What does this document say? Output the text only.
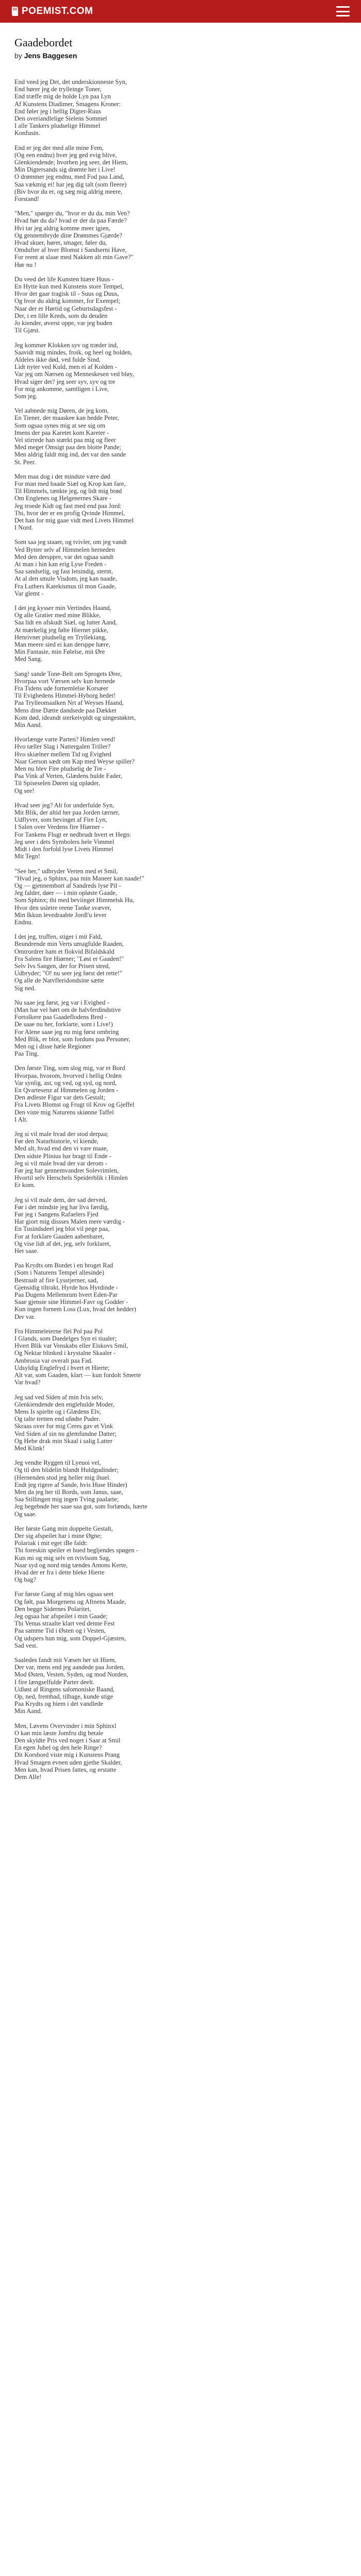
POEMIST.COM
Gaadebordet
by Jens Baggesen
End veed jeg Det, det underskionneste Syn,
End hører jeg de trylleinge Toner,
End træffe mig de holde Lyn paa Lyn
Af Kunstens Diadimer, Smagens Kroner:
End føler jeg i hellig Digter-Ruus
Den overiandlelige Sielens Sommel
I alle Tankers pludselige Himmel
Konfusin.
End er jeg der med alle mine Fem,
(Og een endnu) hver jeg ged evig blive,
Glenkiendende; hvorhen jeg seer, det Hiem,
Min Digtersands sig drømte her i Live!
O drømmer jeg endnu, med Fod paa Land,
Saa vækmig ei! har jeg dig talt (som fleere)
(Biv hvor du er, og sæg mig aldrig meere,
Forstand!
"Men," spørger du, "hvor er du da, min Ven?
Hvad hør du da? hvad er der da paa Færde?
Hvi tar jeg aldrig komme meer igien,
Og gennembryde dine Drømmes Gjærde?
Hvad skuer, hører, smager, føler du,
Omdufter af hver Blomst i Sandserni Have,
For reent at slaae med Nakken alt min Gave?"
Hør nu !
Du veed det life Kunsten hiære Huus -
En Hytte kun med Kunstens store Tempel,
Hvor det gaar tragisk til - Suus og Duus,
Og hvor du aldrig kommer, for Exempel;
Naar der er Hørtid og Geburtsdagsfest -
Der, i en lille Kreds, som du deuden
Jo kiender, øverst oppe, var jeg buden
Til Gjæst.
Jeg kommer Klokken syv og træder ind,
Saavidt mig mindes, froik, og heel og holden,
Aldeles ikke død, ved fulde Sind,
Lidt nyter ved Kuld, men ei af Kolden -
Var jeg om Nærsen og Menneskesen ved bløy,
Hvad siger det? jeg seer syv, syv og tre
For mig ankomme, samtligen i Live,
Som jeg.
Vel aabnede mig Døren, de jeg kom,
En Tiener, der maaskee kan hedde Peter,
Som ogsaa synes mig at see sig om
Imens der paa Karetet kom Kareter -
Vel stirrede han stærkt paa mig og fleer
Med meget Omsigt paa den blotte Pande;
Men aldrig faldt mig ind, det var den sande
St. Peer.
Men maa dog i det mindste være død
For man med baade Siæl og Krop kan fare,
Til Himmels, tænkte jeg, og lidt mig brød
Om Englenes og Helgenernes Skare -
Jeg troede Kidt og fast med end paa Jord:
Thi, hvor der er en profig Qvinde Himmel,
Det han for mig gaae vidt med Livets Himmel
I Nord.
Som saa jeg staaer, og tvivler, om jeg vandt
Ved Bytter selv af Himmelen herneden
Med den dersppre, var det ogsaa sandt
At man i hin kan erig Lyse Freden -
Saa sandselig, og fast letsindig, sternt,
At al den smule Visdom, jeg kan naade,
Fra Luthers Katekismus til mon Gaade,
Var glemt -
I det jeg kysser min Vertindes Haand,
Og alle Gratier med mine Blikke,
Saa lidt en afskudt Siæl, og lutter Aand,
At mærkelig jeg følte Hiernet pikke,
Henrivner pludselig en Tryllekiang,
Man meere sied ei kan dersppe hære,
Min Fantasie, min Følelse, mit Øre
Med Sang.
Sang! sande Tone-Belt om Sprogets Ører,
Hvorpaa vort Værsen selv kun hernede
Fra Tidens ude fornemlelse Korsæer
Til Evighedens Himmel-Hyborg hedet!
Paa Trylleomaalken Nrt af Weyses Haand,
Mens dine Dætte dandsede paa Dækket
Kom død, ideandt sterkeivpldt og uingestøktet,
Min Aand.
Hvorlænge varte Parten? Himlen veed!
Hvo tæller Slag i Nattergalen Triller?
Hvo skiælner mellem Tid og Evighed
Naar Gerson sædt om Kap med Weyse spiller?
Men nu blev Fire pludselig de Tre -
Paa Vink af Verten, Glædens hulde Fader,
Til Spiseselen Døren sig opløder,
Og see!
Hvad seer jeg? Alt for underfulde Syn,
Mit Blik, der altid her paa Jorden tærner,
Udflyver, som bevinget af Fire Lyn,
I Salen over Verdens fire Hiørner -
For Tankens Flugt er nedbrudt hvert et Hegn:
Jeg seer i dets Symbolers hele Vimmel
Midt i den forfold lyse Livets Himmel
Mit Tegn!
"See her," udbryder Verten med et Smil,
"Hvad jeg, o Sphinx, paa min Maneer kan naade!"
Og — gjennembort af Sandreds lyse Pil -
Jeg falder, døer — i min opløste Gaade,
Som Sphinx; thi med beviinget Himmelsk Hu,
Hvor den usletre reene Tanke svæver,
Min Ikkun levedraabte Jordl'u lever
Endnu.
I det jeg, truffen, stiger i mit Fald,
Beundrende min Verts umagfulde Raaden,
Omtrordrer ham et flokvid Bifaldskald
Fra Salens fire Hiørner; "Løst er Gaaden!"
Selv Ivs Sangen, der for Prisen stred,
Udbryder; "O! nu seer jeg først det rette!"
Og alle de Natvfleridondsine sætte
Sig ned.
Nu saae jeg først, jeg var i Evighed -
(Man har vel hørt om de halvferdindstive
Fortolkere paa Gaadeflodens Bred -
De saae nu her, forklarte, som i Live!)
For Alene saae jeg nu mig først ombring
Med Blik, er blot, som forduns paa Personer,
Men og i disse hæle Regioner
Paa Ting.
Den første Ting, som slog mig, var et Bord
Hvorpaa, hvorom, hvorved i hellig Orden
Var synlig, ast, og ved, og syd, og nord,
En Qvartesenz af Himmelen og Jorden -
Den ædleste Figur var dets Gestalt;
Fra Livets Blomst og Frugt til Krov og Gjeffel
Den viste mig Naturens skiønne Taffel
I Alt.
Jeg si vil male hvad der stod derpaa;
Før den Naturhistorie, vi kiende,
Med alt, hvad end den vi vare maae,
Den sidste Plinius har bragt til Ende -
Jeg si vil male hvad der var derom -
Før jeg har gennemvandret Solevrimlen,
Hvortil selv Herschels Speiderblik i Himlen
Er kom.
Jeg si vil male dem, der sad derved,
Før i det mindste jeg har liva færdig,
Før jeg i Sangens Rafaelers Fjed
Har giort mig dissses Malen mere værdig -
En Tusindsdeel jeg blot vil pege paa,
For at forklare Gaaden aabenbaret,
Og vise lidt af det, jeg, selv forklaret,
Her saae.
Paa Krydts om Bordet i en broget Rad
(Som i Naturens Tempel allesinde)
Bestraalt af fire Lysstjerner, sad,
Gjensidig tiltrakt, Hyrde hos Hyrdinde -
Paa Dugens Mellemrum hvert Eden-Par
Saae gjensie sine Himmel-Favr og Godder -
Kun ingen fornem Loss (Lux, hvad det hedder)
Der var.
Fra Himmeleierne flei Pol paa Pol
I Glands, som Daedelges Syn ei tiualer;
Hvert Blik var Venskabs eller Elskovs Smil,
Og Nektar blinked i krystalne Skaaler -
Ambrosia var overalt paa Fad.
Udsyldig Englefryd i hvert et Hierte;
Alt var, som Gaaden, klart — kun fordolt Smerte
Var hvad?
Jeg sad ved Siden af min Ivis selv,
Glenkiendende den englehulde Moder,
Mens Is spielte og i Glædens Elv,
Og talte tretten end ufødte Puder.
Skraas over for mig Ceres gav et Vink
Ved Siden af sin nu glemfundne Datter;
Og Hebe drak min Skaal i salig Latter
Med Klink!
Jeg vendte Ryggen til Lyeuoi vel,
Og til den blidelin blandt Huldgudinder;
(Hernenden stod jeg heller mig ihuel.
Endt jeg rigere af Sande, hvis Huse Hinder)
Men da jeg her til Bords, som Janus, saae,
Saa Stillingen mig ingen Tving paalarte;
Jeg begebnde her saae saa got, som forlænds, hærte
Og saae.
Her første Gang min doppelte Gestalt,
Der sig afspeilet har i mine Øgne;
Polariak i mit eget iBe faldt:
Thi foreskin speiler et hued begljendes spøgen -
Kun mi og mig selv en tvivlsom Sag,
Naar syd og nord mig tændes Amons Kerte,
Hvad der er fra i dette bleke Hierte
Og bag?
For første Gang af mig bles ogsaa seet
Og følt, paa Morgenens og Aftnens Maade,
Den begge Sidernes Polaritet,
Jeg ogsaa har afspeilet i min Gaade;
Thi Venus straalte klart ved denne Fest
Paa samme Tid i Østen og i Vesten,
Og udspers hun mig, som Doppel-Gjæsten,
Sad vest.
Saaledes fandt mit Væsen her sit Hiem,
Der var, mens end jeg aandede paa Jorden,
Mod Østen, Vesten, Syden, og mod Norden,
I fire længselfulde Parter deelt.
Udløst af Ringens salomoniske Baand,
Op, ned, frembad, tilbage, kunde stige
Paa Krydts og hiem i det vandlede
Min Aand.
Men, Løvens Overvinder i min Sphinxl
O kan min læste Jomfru dig betale
Den skyldte Pris ved noget i Saar at Smil
En egen Jubel og den hele Ringe?
Dit Korsbord viste mig i Kunstens Prang
Hvad Smagen evnen uden gjethe Skalder,
Men kan, hvad Prisen fattes, og erstatte
Dem Alle!
